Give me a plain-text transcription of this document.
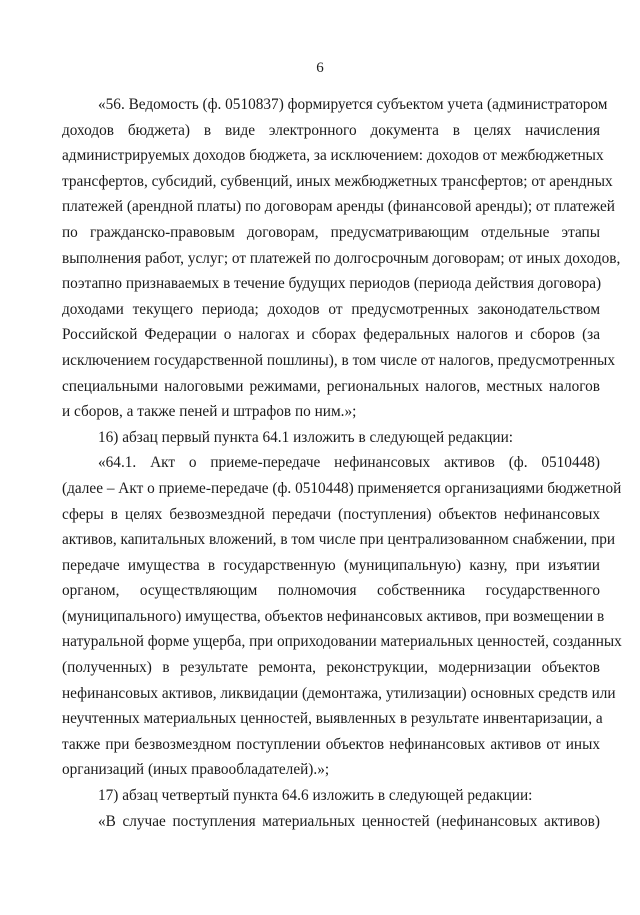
6
«56. Ведомость (ф. 0510837) формируется субъектом учета (администратором
доходов бюджета) в виде электронного документа в целях начисления
администрируемых доходов бюджета, за исключением: доходов от межбюджетных
трансфертов, субсидий, субвенций, иных межбюджетных трансфертов; от арендных
платежей (арендной платы) по договорам аренды (финансовой аренды); от платежей
по гражданско-правовым договорам, предусматривающим отдельные этапы
выполнения работ, услуг; от платежей по долгосрочным договорам; от иных доходов,
поэтапно признаваемых в течение будущих периодов (периода действия договора)
доходами текущего периода; доходов от предусмотренных законодательством
Российской Федерации о налогах и сборах федеральных налогов и сборов (за
исключением государственной пошлины), в том числе от налогов, предусмотренных
специальными налоговыми режимами, региональных налогов, местных налогов
и сборов, а также пеней и штрафов по ним.»;
16) абзац первый пункта 64.1 изложить в следующей редакции:
«64.1. Акт о приеме-передаче нефинансовых активов (ф. 0510448)
(далее – Акт о приеме-передаче (ф. 0510448) применяется организациями бюджетной
сферы в целях безвозмездной передачи (поступления) объектов нефинансовых
активов, капитальных вложений, в том числе при централизованном снабжении, при
передаче имущества в государственную (муниципальную) казну, при изъятии
органом, осуществляющим полномочия собственника государственного
(муниципального) имущества, объектов нефинансовых активов, при возмещении в
натуральной форме ущерба, при оприходовании материальных ценностей, созданных
(полученных) в результате ремонта, реконструкции, модернизации объектов
нефинансовых активов, ликвидации (демонтажа, утилизации) основных средств или
неучтенных материальных ценностей, выявленных в результате инвентаризации, а
также при безвозмездном поступлении объектов нефинансовых активов от иных
организаций (иных правообладателей).»;
17) абзац четвертый пункта 64.6 изложить в следующей редакции:
«В случае поступления материальных ценностей (нефинансовых активов)
